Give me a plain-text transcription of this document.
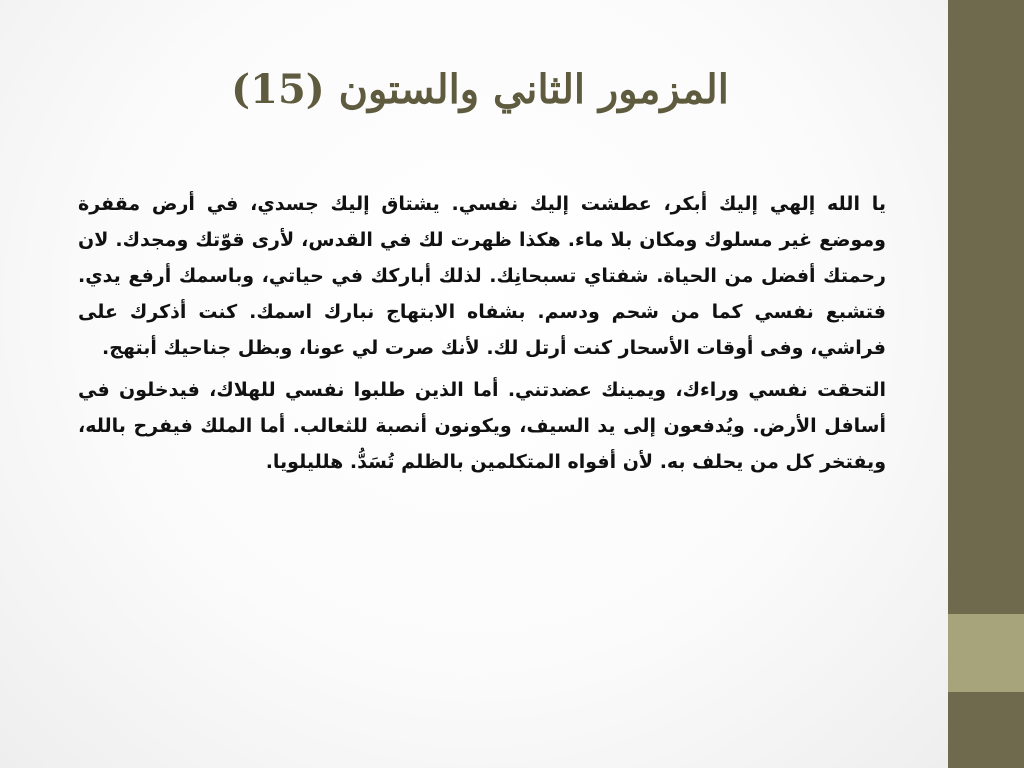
المزمور الثاني والستون (15)

يا الله إلهي إليك أبكر، عطشت إليك نفسي. يشتاق إليك جسدي، في أرض مقفرة وموضع غير مسلوك ومكان بلا ماء. هكذا ظهرت لك في القدس، لأرى قوّتك ومجدك. لان رحمتك أفضل من الحياة. شفتاي تسبحانِك. لذلك أباركك في حياتي، وباسمك أرفع يدي. فتشبع نفسي كما من شحم ودسم. بشفاه الابتهاج نبارك اسمك. كنت أذكرك على فراشي، وفى أوقات الأسحار كنت أرتل لك. لأنك صرت لي عونا، وبظل جناحيك أبتهج.

التحقت نفسي وراءك، ويمينك عضدتني. أما الذين طلبوا نفسي للهلاك، فيدخلون في أسافل الأرض. ويُدفعون إلى يد السيف، ويكونون أنصبة للثعالب. أما الملك فيفرح بالله، ويفتخر كل من يحلف به. لأن أفواه المتكلمين بالظلم تُسَدُّ. هلليلويا.
